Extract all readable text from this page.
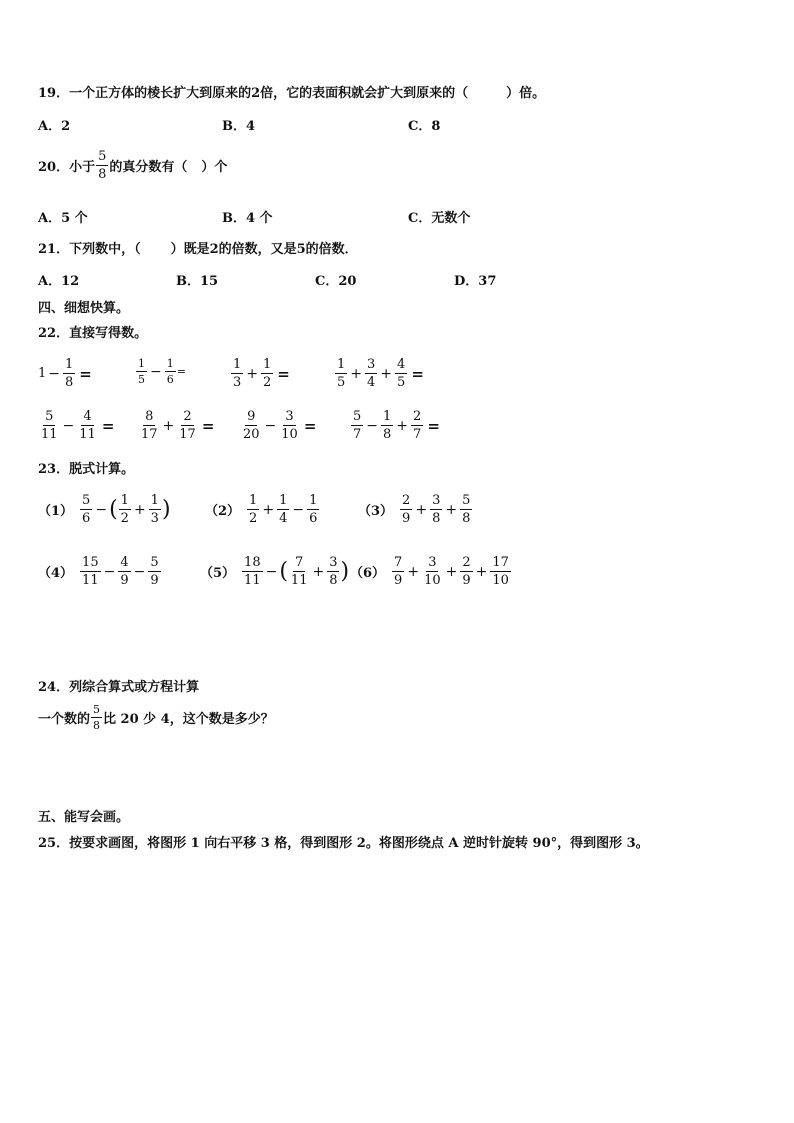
19．一个正方体的棱长扩大到原来的2倍，它的表面积就会扩大到原来的（	）倍。
A．2	B．4	C．8
20．小于 $\frac{5}{8}$ 的真分数有（ ）个
A．5 个	B．4 个	C．无数个
21．下列数中，（ ）既是2的倍数，又是5的倍数．
A．12	B．15	C．20	D．37
四、细想快算。
22．直接写得数。
$1 - \frac{1}{8}$ =	$\frac{1}{5} - \frac{1}{6}$ =	$\frac{1}{3} + \frac{1}{2}$ =	$\frac{1}{5} + \frac{3}{4} + \frac{4}{5}$ =
$\frac{5}{11} - \frac{4}{11} = \frac{8}{17} + \frac{2}{17} = \frac{9}{20} - \frac{3}{10}$ =	$\frac{5}{7} - \frac{1}{8} + \frac{2}{7}$ =
23．脱式计算。
$(1) \frac{5}{6}$ − ( $\frac{1}{2} + \frac{1}{3}$ )	$(2) \frac{1}{2} + \frac{1}{4} - \frac{1}{6}$	$(3) \frac{2}{9} + \frac{3}{8} + \frac{5}{8}$
$(4) \frac{15}{11} - \frac{4}{9} - \frac{5}{9}$	$(5) \frac{18}{11}$ − ( $\frac{7}{11} + \frac{3}{8}$ ) $(6) \frac{7}{9} + \frac{3}{10} + \frac{2}{9} + \frac{17}{10}$
24．列综合算式或方程计算
一个数的 $\frac{5}{8}$ 比 20 少 4，这个数是多少？
五、能写会画。
25．按要求画图，将图形 1 向右平移 3 格，得到图形 2。将图形绕点 A 逆时针旋转 90°，得到图形 3。
